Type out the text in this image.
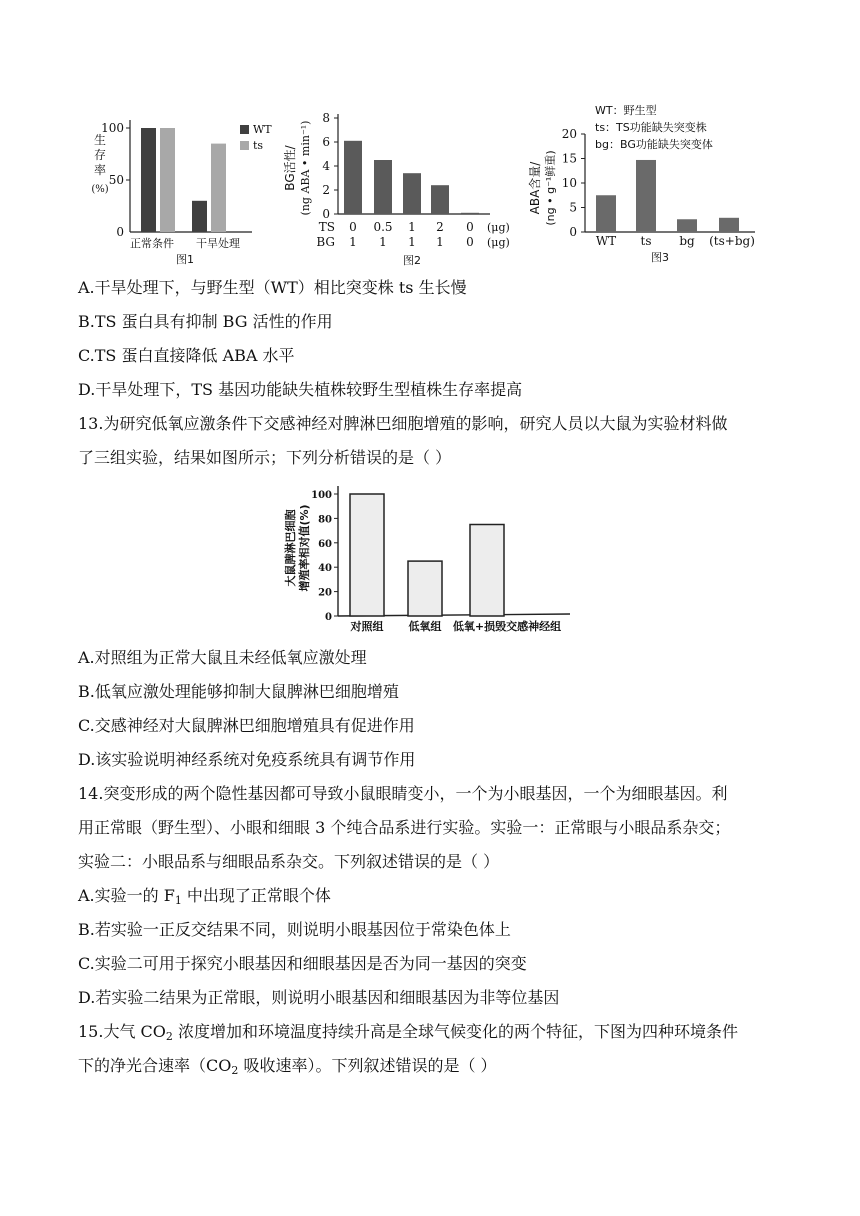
生
存
率
(%)
100
50
0
正常条件 干旱处理
图1
WT
ts BG活性/ (ng ABA • min⁻¹)
8
6
4
2
0
TS
BG
0
1
0.5
1
1
1
2
1
0
0
(μg)
(μg)
图2
WT：野生型
ts：TS功能缺失突变株
bg：BG功能缺失突变体
ABA含量/ (ng • g⁻¹鲜重)
20
15
10
5
0
WT ts bg (ts+bg)
图3
A.干旱处理下，与野生型（WT）相比突变株 ts 生长慢
B.TS 蛋白具有抑制 BG 活性的作用
C.TS 蛋白直接降低 ABA 水平
D.干旱处理下，TS 基因功能缺失植株较野生型植株生存率提高
13.为研究低氧应激条件下交感神经对脾淋巴细胞增殖的影响，研究人员以大鼠为实验材料做
了三组实验，结果如图所示；下列分析错误的是（ ）
大鼠脾淋巴细胞 增殖率相对值(%)
100
80
60
40
20
0
对照组 低氧组 低氧+损毁交感神经组
A.对照组为正常大鼠且未经低氧应激处理
B.低氧应激处理能够抑制大鼠脾淋巴细胞增殖
C.交感神经对大鼠脾淋巴细胞增殖具有促进作用
D.该实验说明神经系统对免疫系统具有调节作用
14.突变形成的两个隐性基因都可导致小鼠眼睛变小，一个为小眼基因，一个为细眼基因。利
用正常眼（野生型）、小眼和细眼 3 个纯合品系进行实验。实验一：正常眼与小眼品系杂交；
实验二：小眼品系与细眼品系杂交。下列叙述错误的是（ ）
A.实验一的 $F_1$ 中出现了正常眼个体
B.若实验一正反交结果不同，则说明小眼基因位于常染色体上
C.实验二可用于探究小眼基因和细眼基因是否为同一基因的突变
D.若实验二结果为正常眼，则说明小眼基因和细眼基因为非等位基因
15.大气 $CO_2$ 浓度增加和环境温度持续升高是全球气候变化的两个特征，下图为四种环境条件
下的净光合速率（$CO_2$ 吸收速率）。下列叙述错误的是（ ）
